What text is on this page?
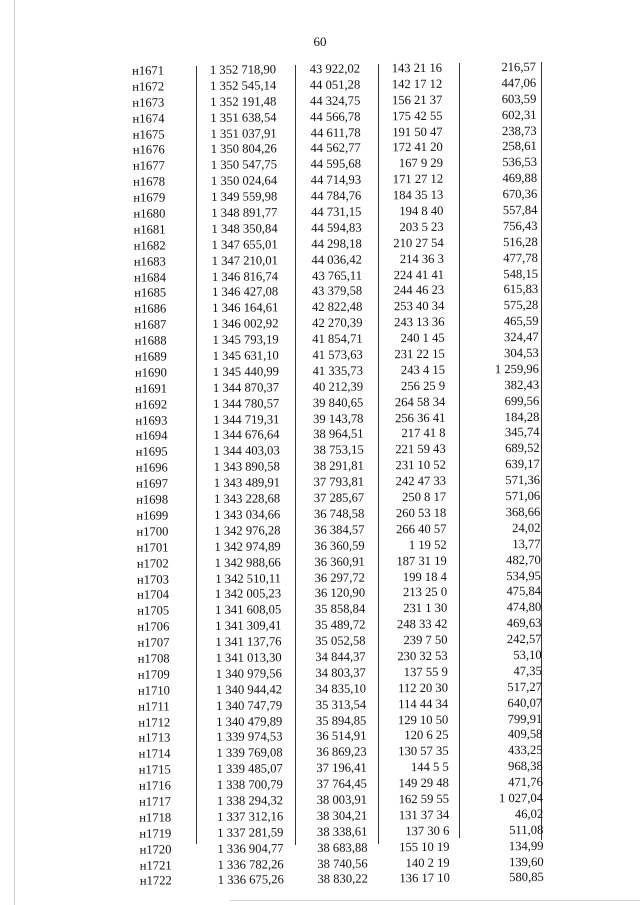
60
н1671	1 352 718,90	43 922,02	143 21 16	216,57
н1672	1 352 545,14	44 051,28	142 17 12	447,06
н1673	1 352 191,48	44 324,75	156 21 37	603,59
н1674	1 351 638,54	44 566,78	175 42 55	602,31
н1675	1 351 037,91	44 611,78	191 50 47	238,73
н1676	1 350 804,26	44 562,77	172 41 20	258,61
н1677	1 350 547,75	44 595,68	167 9 29	536,53
н1678	1 350 024,64	44 714,93	171 27 12	469,88
н1679	1 349 559,98	44 784,76	184 35 13	670,36
н1680	1 348 891,77	44 731,15	194 8 40	557,84
н1681	1 348 350,84	44 594,83	203 5 23	756,43
н1682	1 347 655,01	44 298,18	210 27 54	516,28
н1683	1 347 210,01	44 036,42	214 36 3	477,78
н1684	1 346 816,74	43 765,11	224 41 41	548,15
н1685	1 346 427,08	43 379,58	244 46 23	615,83
н1686	1 346 164,61	42 822,48	253 40 34	575,28
н1687	1 346 002,92	42 270,39	243 13 36	465,59
н1688	1 345 793,19	41 854,71	240 1 45	324,47
н1689	1 345 631,10	41 573,63	231 22 15	304,53
н1690	1 345 440,99	41 335,73	243 4 15	1 259,96
н1691	1 344 870,37	40 212,39	256 25 9	382,43
н1692	1 344 780,57	39 840,65	264 58 34	699,56
н1693	1 344 719,31	39 143,78	256 36 41	184,28
н1694	1 344 676,64	38 964,51	217 41 8	345,74
н1695	1 344 403,03	38 753,15	221 59 43	689,52
н1696	1 343 890,58	38 291,81	231 10 52	639,17
н1697	1 343 489,91	37 793,81	242 47 33	571,36
н1698	1 343 228,68	37 285,67	250 8 17	571,06
н1699	1 343 034,66	36 748,58	260 53 18	368,66
н1700	1 342 976,28	36 384,57	266 40 57	24,02
н1701	1 342 974,89	36 360,59	1 19 52	13,77
н1702	1 342 988,66	36 360,91	187 31 19	482,70
н1703	1 342 510,11	36 297,72	199 18 4	534,95
н1704	1 342 005,23	36 120,90	213 25 0	475,84
н1705	1 341 608,05	35 858,84	231 1 30	474,80
н1706	1 341 309,41	35 489,72	248 33 42	469,63
н1707	1 341 137,76	35 052,58	239 7 50	242,57
н1708	1 341 013,30	34 844,37	230 32 53	53,10
н1709	1 340 979,56	34 803,37	137 55 9	47,35
н1710	1 340 944,42	34 835,10	112 20 30	517,27
н1711	1 340 747,79	35 313,54	114 44 34	640,07
н1712	1 340 479,89	35 894,85	129 10 50	799,91
н1713	1 339 974,53	36 514,91	120 6 25	409,58
н1714	1 339 769,08	36 869,23	130 57 35	433,25
н1715	1 339 485,07	37 196,41	144 5 5	968,38
н1716	1 338 700,79	37 764,45	149 29 48	471,76
н1717	1 338 294,32	38 003,91	162 59 55	1 027,04
н1718	1 337 312,16	38 304,21	131 37 34	46,02
н1719	1 337 281,59	38 338,61	137 30 6	511,08
н1720	1 336 904,77	38 683,88	155 10 19	134,99
н1721	1 336 782,26	38 740,56	140 2 19	139,60
н1722	1 336 675,26	38 830,22	136 17 10	580,85
